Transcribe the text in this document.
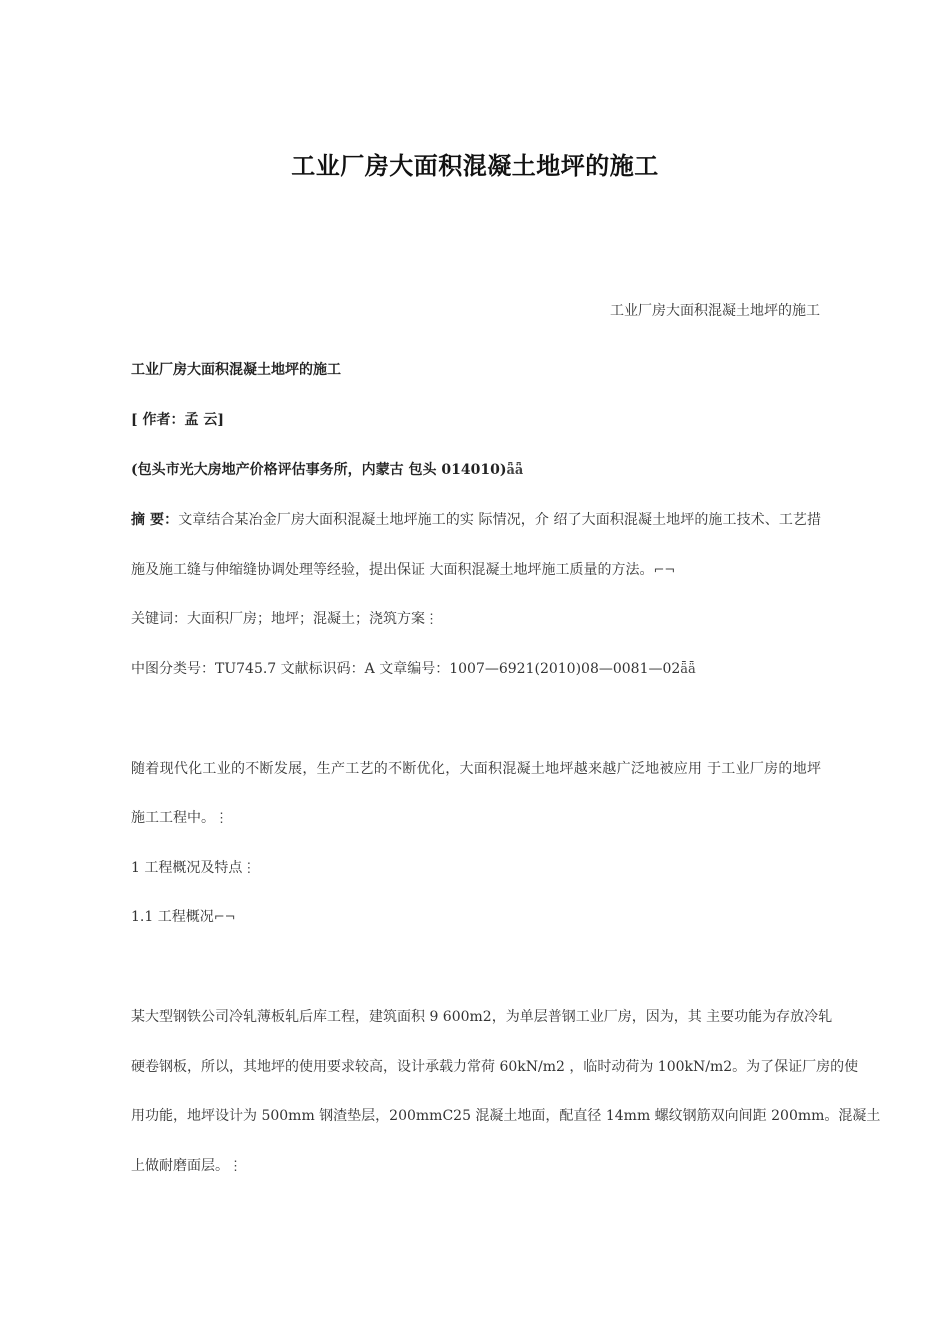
工业厂房大面积混凝土地坪的施工
工业厂房大面积混凝土地坪的施工
工业厂房大面积混凝土地坪的施工
[ 作者：孟 云]
(包头市光大房地产价格评估事务所，内蒙古 包头 014010)ǟǟ
摘 要：文章结合某冶金厂房大面积混凝土地坪施工的实 际情况，介 绍了大面积混凝土地坪的施工技术、工艺措
施及施工缝与伸缩缝协调处理等经验，提出保证 大面积混凝土地坪施工质量的方法。⌐¬
关键词：大面积厂房；地坪；混凝土；浇筑方案⋮
中图分类号：TU745.7 文献标识码：A 文章编号：1007—6921(2010)08—0081—02ǟǟ
随着现代化工业的不断发展，生产工艺的不断优化，大面积混凝土地坪越来越广泛地被应用 于工业厂房的地坪
施工工程中。⋮
1 工程概况及特点⋮
1.1 工程概况⌐¬
某大型钢铁公司冷轧薄板轧后库工程，建筑面积 9 600m2，为单层普钢工业厂房，因为，其 主要功能为存放冷轧
硬卷钢板，所以，其地坪的使用要求较高，设计承载力常荷 60kN/m2 ，临时动荷为 100kN/m2。为了保证厂房的使
用功能，地坪设计为 500mm 钢渣垫层，200mmC25 混凝土地面，配直径 14mm 螺纹钢筋双向间距 200mm。混凝土
上做耐磨面层。⋮
